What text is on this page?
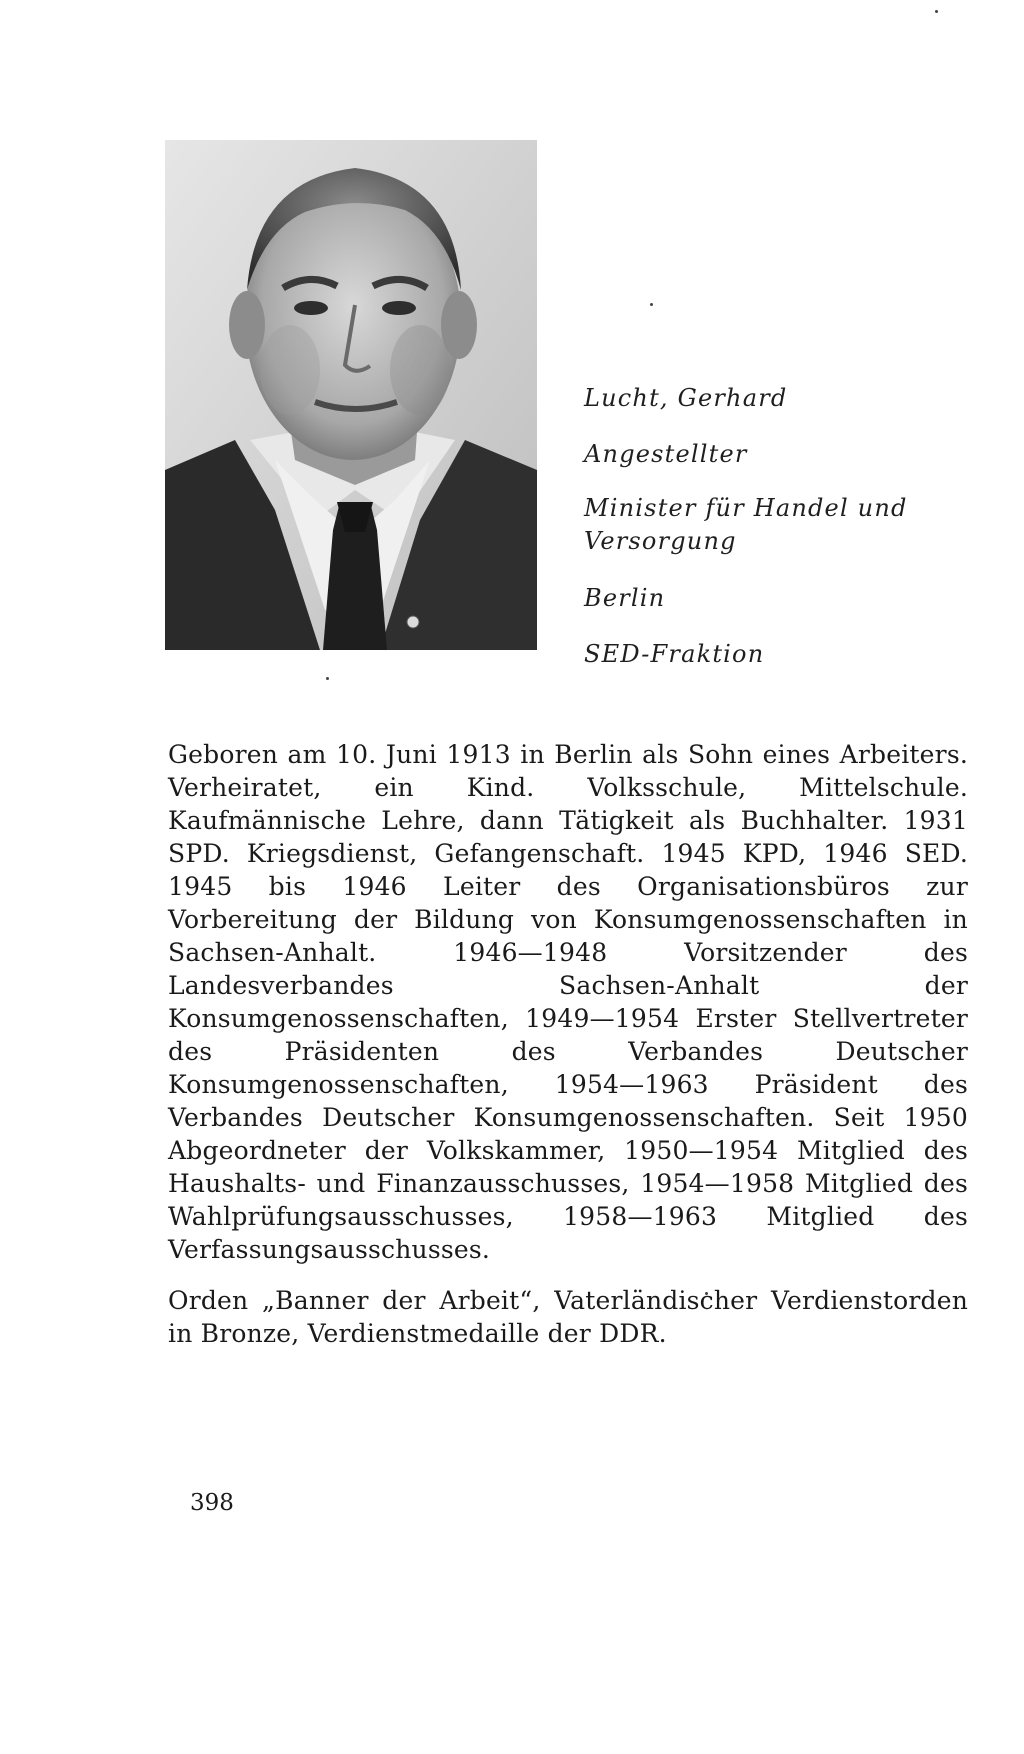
Lucht, Gerhard
Angestellter
Minister für Handel und Versorgung
Berlin
SED-Fraktion

Geboren am 10. Juni 1913 in Berlin als Sohn eines Arbeiters. Verheiratet, ein Kind. Volksschule, Mittelschule. Kaufmännische Lehre, dann Tätigkeit als Buchhalter. 1931 SPD. Kriegsdienst, Gefangenschaft. 1945 KPD, 1946 SED. 1945 bis 1946 Leiter des Organisationsbüros zur Vorbereitung der Bildung von Konsumgenossenschaften in Sachsen-Anhalt. 1946—1948 Vorsitzender des Landesverbandes Sachsen-Anhalt der Konsumgenossenschaften, 1949—1954 Erster Stellvertreter des Präsidenten des Verbandes Deutscher Konsumgenossenschaften, 1954—1963 Präsident des Verbandes Deutscher Konsumgenossenschaften. Seit 1950 Abgeordneter der Volkskammer, 1950—1954 Mitglied des Haushalts- und Finanzausschusses, 1954—1958 Mitglied des Wahlprüfungsausschusses, 1958—1963 Mitglied des Verfassungsausschusses.

Orden „Banner der Arbeit“, Vaterländischer Verdienstorden in Bronze, Verdienstmedaille der DDR.

398
